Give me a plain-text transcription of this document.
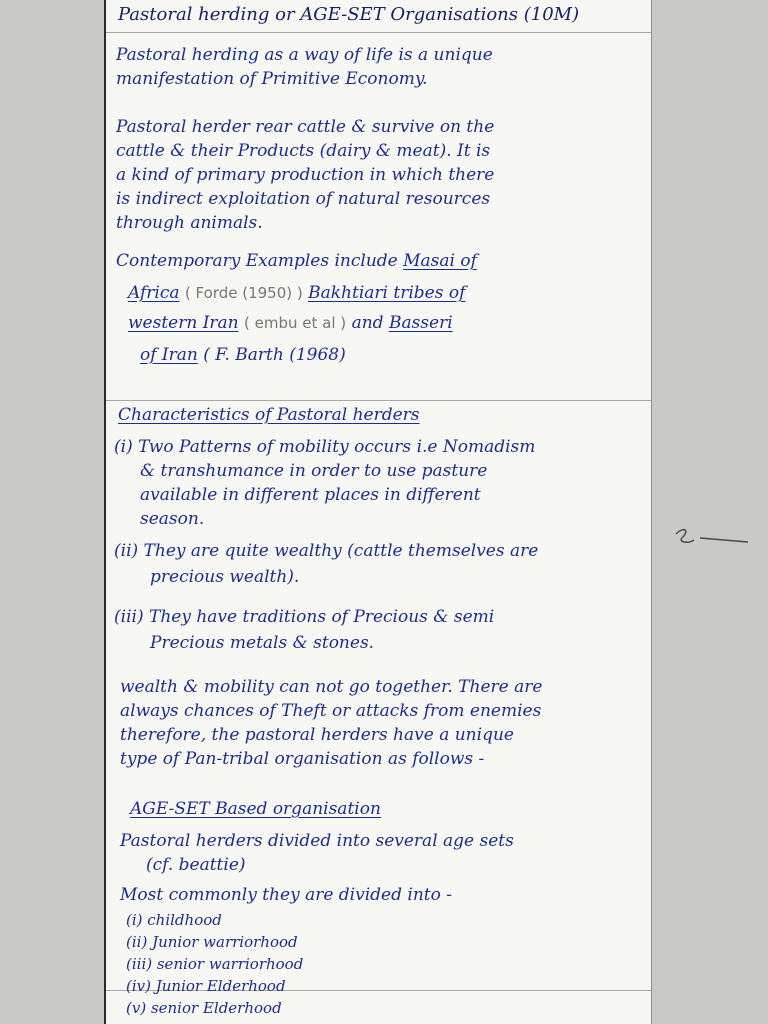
Pastoral herding or AGE-SET Organisations (10M)

Pastoral herding as a way of life is a unique

manifestation of Primitive Economy.

Pastoral herder rear cattle & survive on the

cattle & their Products (dairy & meat). It is

a kind of primary production in which there

is indirect exploitation of natural resources

through animals.

Contemporary Examples include Masai of

Africa ( Forde (1950) ) Bakhtiari tribes of

western Iran ( embu et al ) and Basseri

of Iran ( F. Barth (1968)

Characteristics of Pastoral herders

(i) Two Patterns of mobility occurs i.e Nomadism

& transhumance in order to use pasture

available in different places in different

season.

(ii) They are quite wealthy (cattle themselves are

precious wealth).

(iii) They have traditions of Precious & semi

Precious metals & stones.

wealth & mobility can not go together. There are

always chances of Theft or attacks from enemies

therefore, the pastoral herders have a unique

type of Pan-tribal organisation as follows -

AGE-SET Based organisation

Pastoral herders divided into several age sets

(cf. beattie)

Most commonly they are divided into -

(i) childhood

(ii) Junior warriorhood

(iii) senior warriorhood

(iv) Junior Elderhood

(v) senior Elderhood
